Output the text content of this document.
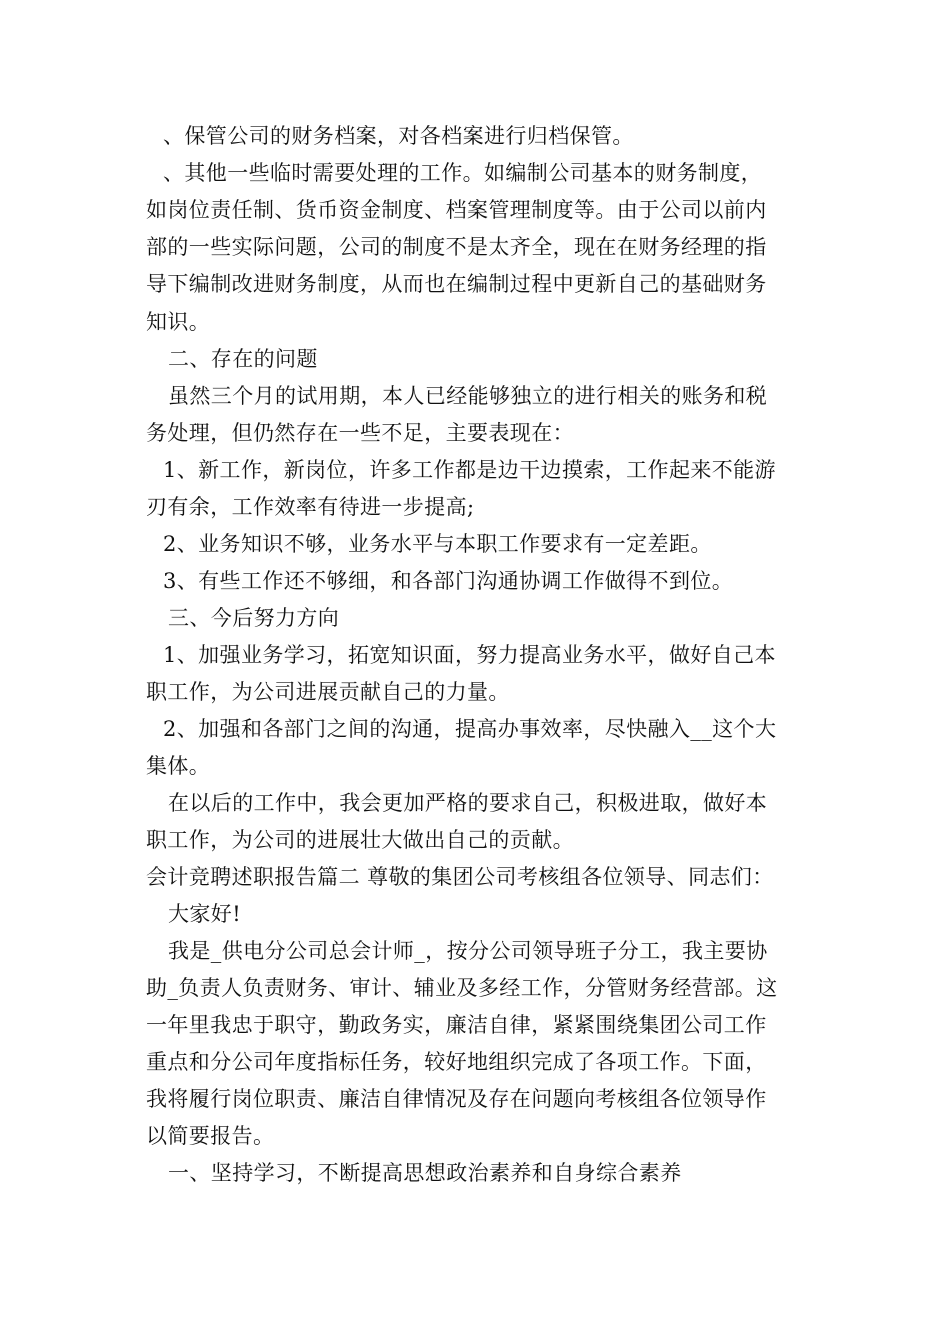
、保管公司的财务档案，对各档案进行归档保管。
、其他一些临时需要处理的工作。如编制公司基本的财务制度，
如岗位责任制、货币资金制度、档案管理制度等。由于公司以前内
部的一些实际问题，公司的制度不是太齐全，现在在财务经理的指
导下编制改进财务制度，从而也在编制过程中更新自己的基础财务
知识。
二、存在的问题
虽然三个月的试用期，本人已经能够独立的进行相关的账务和税
务处理，但仍然存在一些不足，主要表现在：
1、新工作，新岗位，许多工作都是边干边摸索，工作起来不能游
刃有余，工作效率有待进一步提高;
2、业务知识不够，业务水平与本职工作要求有一定差距。
3、有些工作还不够细，和各部门沟通协调工作做得不到位。
三、今后努力方向
1、加强业务学习，拓宽知识面，努力提高业务水平，做好自己本
职工作，为公司进展贡献自己的力量。
2、加强和各部门之间的沟通，提高办事效率，尽快融入__这个大
集体。
在以后的工作中，我会更加严格的要求自己，积极进取，做好本
职工作，为公司的进展壮大做出自己的贡献。
会计竞聘述职报告篇二 尊敬的集团公司考核组各位领导、同志们：
大家好!
我是_供电分公司总会计师_，按分公司领导班子分工，我主要协
助_负责人负责财务、审计、辅业及多经工作，分管财务经营部。这
一年里我忠于职守，勤政务实，廉洁自律，紧紧围绕集团公司工作
重点和分公司年度指标任务，较好地组织完成了各项工作。下面，
我将履行岗位职责、廉洁自律情况及存在问题向考核组各位领导作
以简要报告。
一、坚持学习，不断提高思想政治素养和自身综合素养
